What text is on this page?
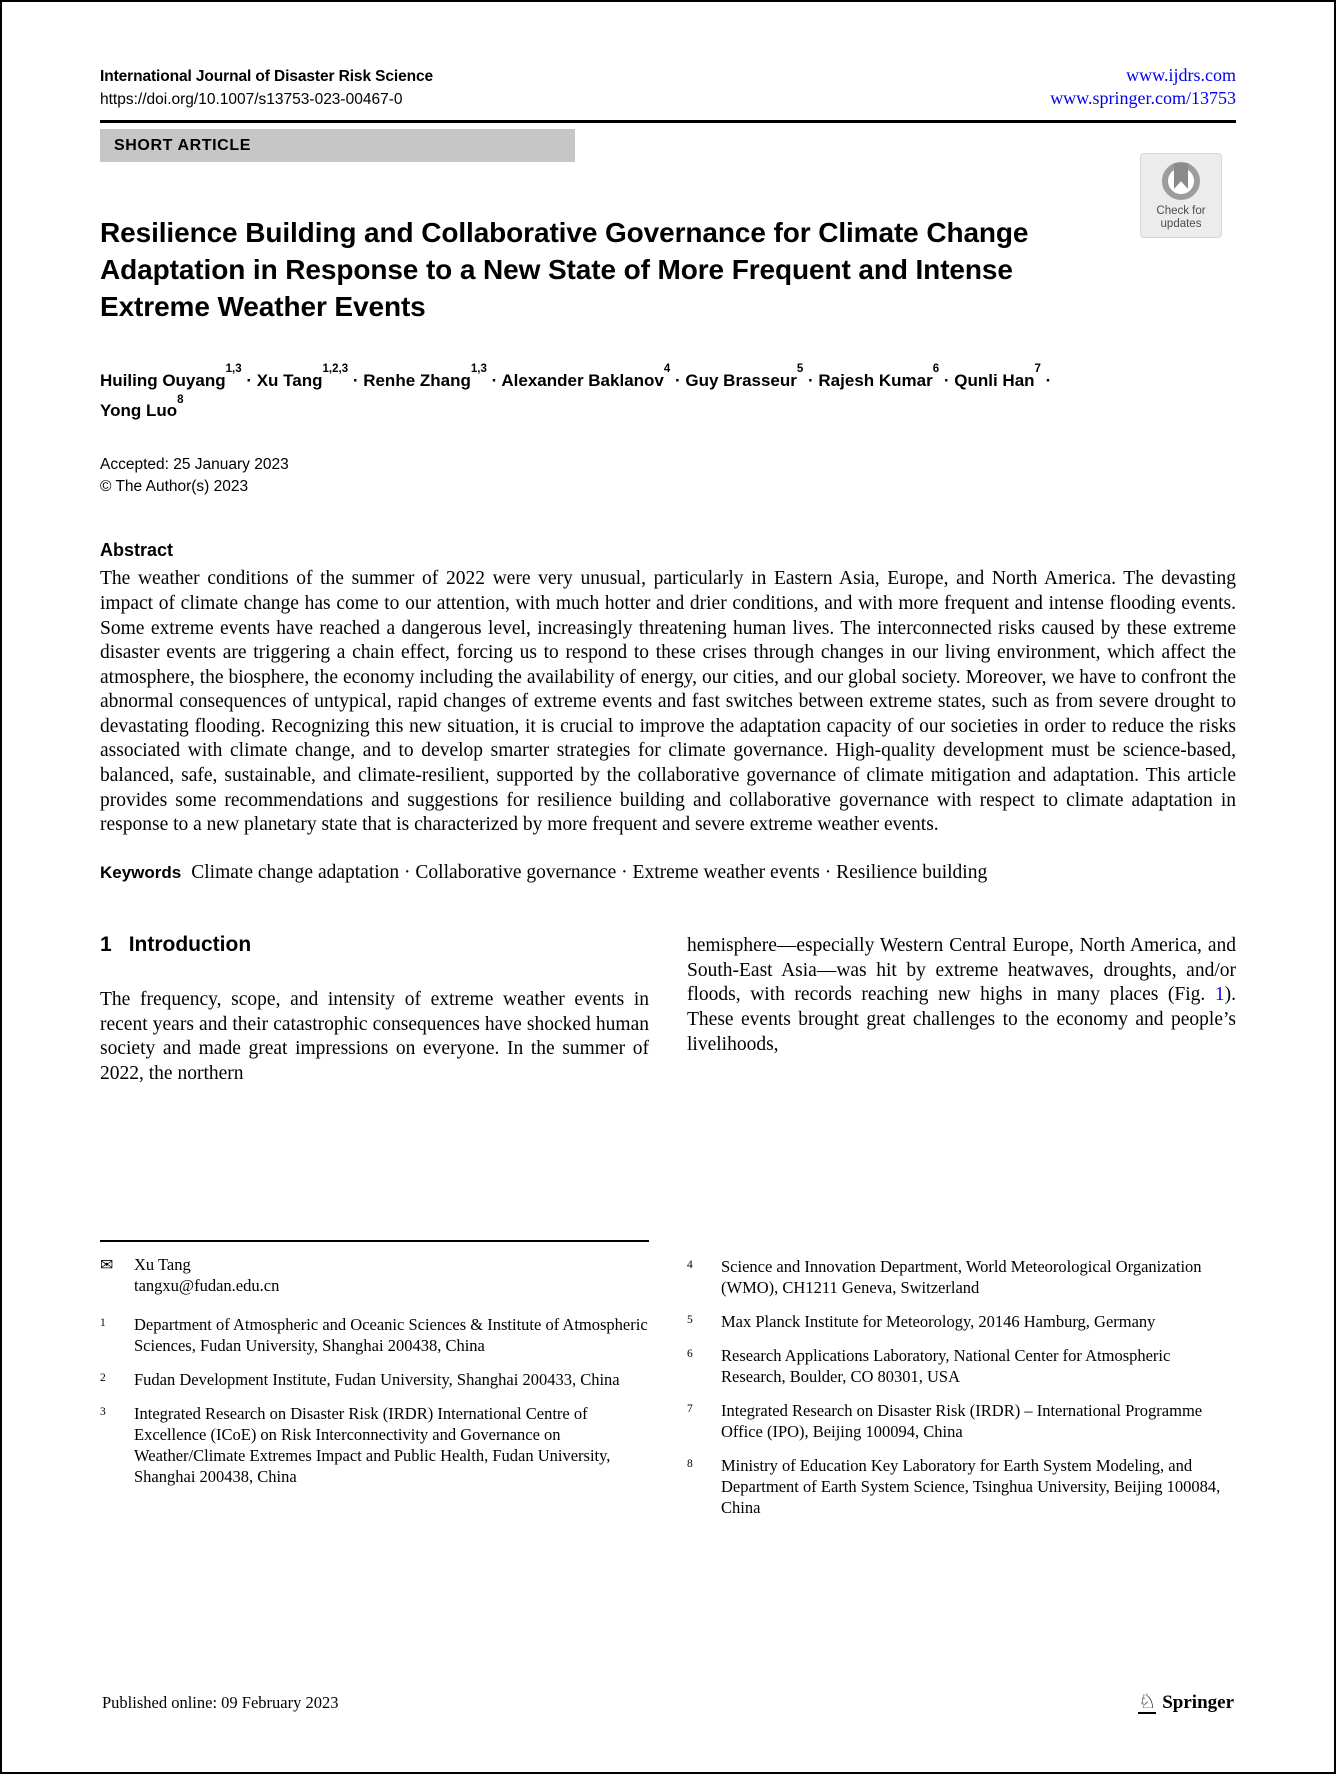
International Journal of Disaster Risk Science
https://doi.org/10.1007/s13753-023-00467-0
www.ijdrs.com
www.springer.com/13753
SHORT ARTICLE
Check for updates
Resilience Building and Collaborative Governance for Climate Change Adaptation in Response to a New State of More Frequent and Intense Extreme Weather Events
Huiling Ouyang$^{1,3}$ · Xu Tang$^{1,2,3}$ · Renhe Zhang$^{1,3}$ · Alexander Baklanov$^4$ · Guy Brasseur$^5$ · Rajesh Kumar$^6$ · Qunli Han$^7$ · Yong Luo$^8$
Accepted: 25 January 2023
© The Author(s) 2023
Abstract
The weather conditions of the summer of 2022 were very unusual, particularly in Eastern Asia, Europe, and North America. The devasting impact of climate change has come to our attention, with much hotter and drier conditions, and with more frequent and intense flooding events. Some extreme events have reached a dangerous level, increasingly threatening human lives. The interconnected risks caused by these extreme disaster events are triggering a chain effect, forcing us to respond to these crises through changes in our living environment, which affect the atmosphere, the biosphere, the economy including the availability of energy, our cities, and our global society. Moreover, we have to confront the abnormal consequences of untypical, rapid changes of extreme events and fast switches between extreme states, such as from severe drought to devastating flooding. Recognizing this new situation, it is crucial to improve the adaptation capacity of our societies in order to reduce the risks associated with climate change, and to develop smarter strategies for climate governance. High-quality development must be science-based, balanced, safe, sustainable, and climate-resilient, supported by the collaborative governance of climate mitigation and adaptation. This article provides some recommendations and suggestions for resilience building and collaborative governance with respect to climate adaptation in response to a new planetary state that is characterized by more frequent and severe extreme weather events.
Keywords Climate change adaptation · Collaborative governance · Extreme weather events · Resilience building
1 Introduction
The frequency, scope, and intensity of extreme weather events in recent years and their catastrophic consequences have shocked human society and made great impressions on everyone. In the summer of 2022, the northern
hemisphere—especially Western Central Europe, North America, and South-East Asia—was hit by extreme heatwaves, droughts, and/or floods, with records reaching new highs in many places (Fig. 1). These events brought great challenges to the economy and people’s livelihoods,
✉	Xu Tang
tangxu@fudan.edu.cn
1	Department of Atmospheric and Oceanic Sciences & Institute of Atmospheric Sciences, Fudan University, Shanghai 200438, China
2	Fudan Development Institute, Fudan University, Shanghai 200433, China
3	Integrated Research on Disaster Risk (IRDR) International Centre of Excellence (ICoE) on Risk Interconnectivity and Governance on Weather/Climate Extremes Impact and Public Health, Fudan University, Shanghai 200438, China
4	Science and Innovation Department, World Meteorological Organization (WMO), CH1211 Geneva, Switzerland
5	Max Planck Institute for Meteorology, 20146 Hamburg, Germany
6	Research Applications Laboratory, National Center for Atmospheric Research, Boulder, CO 80301, USA
7	Integrated Research on Disaster Risk (IRDR) – International Programme Office (IPO), Beijing 100094, China
8	Ministry of Education Key Laboratory for Earth System Modeling, and Department of Earth System Science, Tsinghua University, Beijing 100084, China
Published online: 09 February 2023	♘ Springer
